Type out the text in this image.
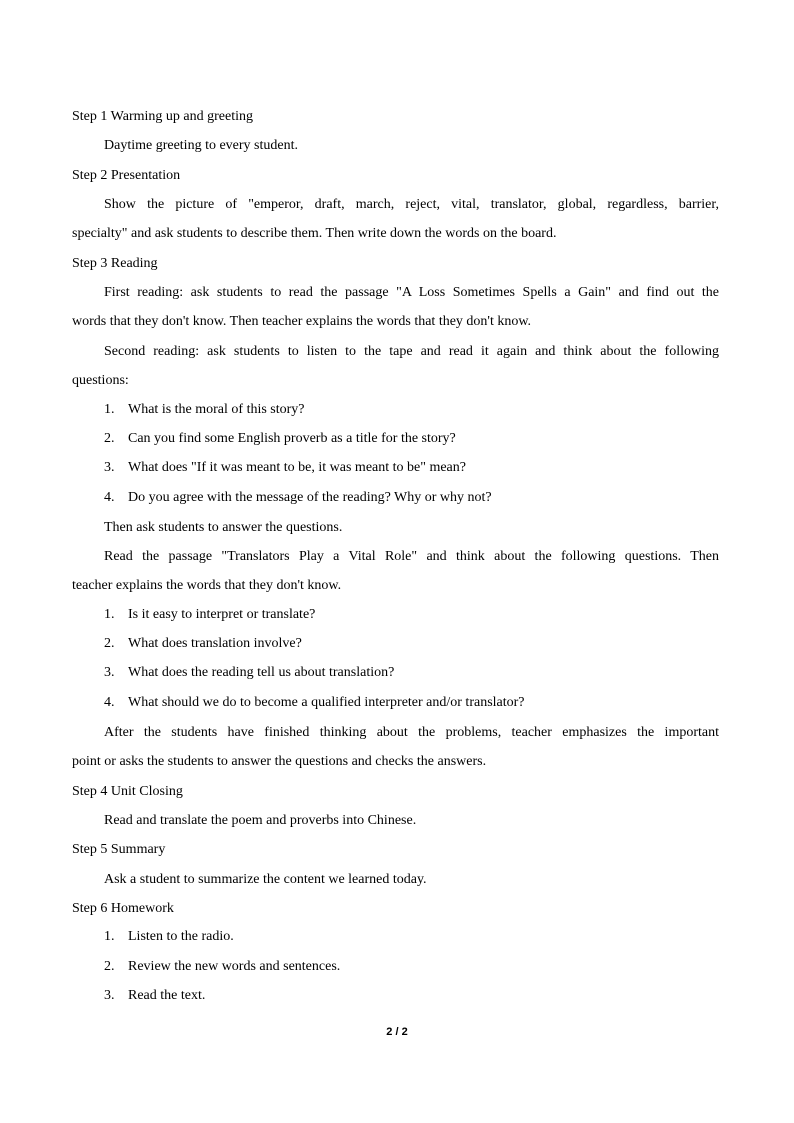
Step 1 Warming up and greeting
Daytime greeting to every student.
Step 2 Presentation
Show the picture of "emperor, draft, march, reject, vital, translator, global, regardless, barrier,
specialty" and ask students to describe them. Then write down the words on the board.
Step 3 Reading
First reading: ask students to read the passage "A Loss Sometimes Spells a Gain" and find out the
words that they don't know. Then teacher explains the words that they don't know.
Second reading: ask students to listen to the tape and read it again and think about the following
questions:
1. What is the moral of this story?
2. Can you find some English proverb as a title for the story?
3. What does "If it was meant to be, it was meant to be" mean?
4. Do you agree with the message of the reading? Why or why not?
Then ask students to answer the questions.
Read the passage "Translators Play a Vital Role" and think about the following questions. Then
teacher explains the words that they don't know.
1. Is it easy to interpret or translate?
2. What does translation involve?
3. What does the reading tell us about translation?
4. What should we do to become a qualified interpreter and/or translator?
After the students have finished thinking about the problems, teacher emphasizes the important
point or asks the students to answer the questions and checks the answers.
Step 4 Unit Closing
Read and translate the poem and proverbs into Chinese.
Step 5 Summary
Ask a student to summarize the content we learned today.
Step 6 Homework
1. Listen to the radio.
2. Review the new words and sentences.
3. Read the text.
2 / 2
